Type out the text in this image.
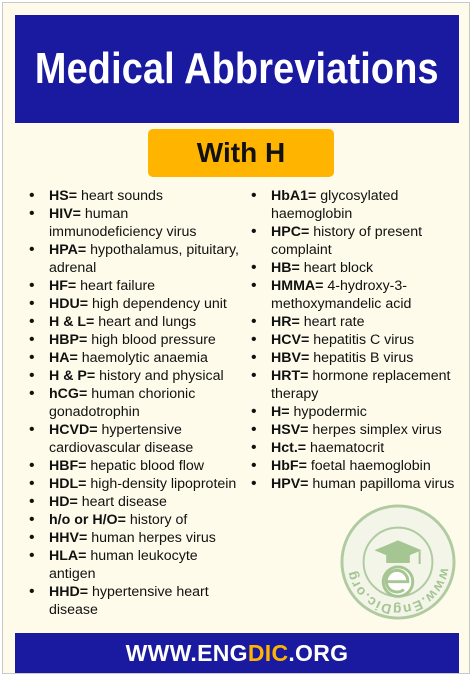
Medical Abbreviations
With H
• HS= heart sounds
• HIV= human
immunodeficiency virus
• HPA= hypothalamus, pituitary,
adrenal
• HF= heart failure
• HDU= high dependency unit
• H & L= heart and lungs
• HBP= high blood pressure
• HA= haemolytic anaemia
• H & P= history and physical
• hCG= human chorionic
gonadotrophin
• HCVD= hypertensive
cardiovascular disease
• HBF= hepatic blood flow
• HDL= high-density lipoprotein
• HD= heart disease
• h/o or H/O= history of
• HHV= human herpes virus
• HLA= human leukocyte
antigen
• HHD= hypertensive heart
disease
• HbA1= glycosylated
haemoglobin
• HPC= history of present
complaint
• HB= heart block
• HMMA= 4-hydroxy-3-
methoxymandelic acid
• HR= heart rate
• HCV= hepatitis C virus
• HBV= hepatitis B virus
• HRT= hormone replacement
therapy
• H= hypodermic
• HSV= herpes simplex virus
• Hct.= haematocrit
• HbF= foetal haemoglobin
• HPV= human papilloma virus
www.EngDic.org
WWW.ENGDIC.ORG
